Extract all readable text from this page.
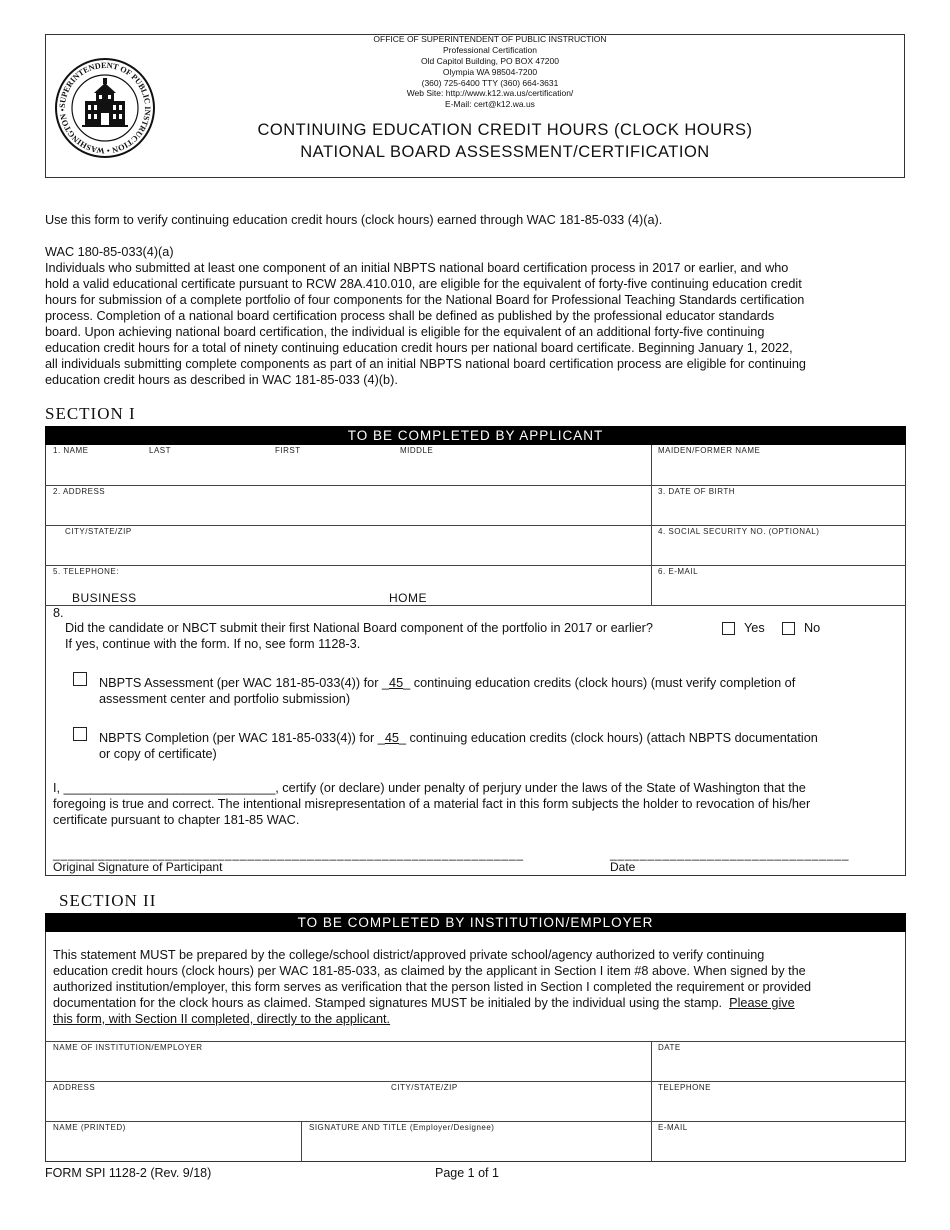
SUPERINTENDENT OF PUBLIC INSTRUCTION • WASHINGTON •
OFFICE OF SUPERINTENDENT OF PUBLIC INSTRUCTION
Professional Certification
Old Capitol Building, PO BOX 47200
Olympia WA 98504-7200
(360) 725-6400 TTY (360) 664-3631
Web Site: http://www.k12.wa.us/certification/
E-Mail: cert@k12.wa.us
CONTINUING EDUCATION CREDIT HOURS (CLOCK HOURS)
NATIONAL BOARD ASSESSMENT/CERTIFICATION
Use this form to verify continuing education credit hours (clock hours) earned through WAC 181-85-033 (4)(a).
WAC 180-85-033(4)(a)
Individuals who submitted at least one component of an initial NBPTS national board certification process in 2017 or earlier, and who
hold a valid educational certificate pursuant to RCW 28A.410.010, are eligible for the equivalent of forty-five continuing education credit
hours for submission of a complete portfolio of four components for the National Board for Professional Teaching Standards certification
process. Completion of a national board certification process shall be defined as published by the professional educator standards
board. Upon achieving national board certification, the individual is eligible for the equivalent of an additional forty-five continuing
education credit hours for a total of ninety continuing education credit hours per national board certificate. Beginning January 1, 2022,
all individuals submitting complete components as part of an initial NBPTS national board certification process are eligible for continuing
education credit hours as described in WAC 181-85-033 (4)(b).
SECTION I
TO BE COMPLETED BY APPLICANT
1. NAME	LAST	FIRST	MIDDLE	MAIDEN/FORMER NAME
2. ADDRESS	3. DATE OF BIRTH
CITY/STATE/ZIP	4. SOCIAL SECURITY NO. (OPTIONAL)
5. TELEPHONE:	6. E-MAIL
BUSINESS	HOME
8.
Did the candidate or NBCT submit their first National Board component of the portfolio in 2017 or earlier?	Yes	No
If yes, continue with the form. If no, see form 1128-3.
NBPTS Assessment (per WAC 181-85-033(4)) for _45_ continuing education credits (clock hours) (must verify completion of
assessment center and portfolio submission)
NBPTS Completion (per WAC 181-85-033(4)) for _45_ continuing education credits (clock hours) (attach NBPTS documentation
or copy of certificate)
I, ______________________________, certify (or declare) under penalty of perjury under the laws of the State of Washington that the
foregoing is true and correct. The intentional misrepresentation of a material fact in this form subjects the holder to revocation of his/her
certificate pursuant to chapter 181-85 WAC.
_______________________________________________________________
Original Signature of Participant
________________________________
Date
SECTION II
TO BE COMPLETED BY INSTITUTION/EMPLOYER
This statement MUST be prepared by the college/school district/approved private school/agency authorized to verify continuing
education credit hours (clock hours) per WAC 181-85-033, as claimed by the applicant in Section I item #8 above. When signed by the
authorized institution/employer, this form serves as verification that the person listed in Section I completed the requirement or provided
documentation for the clock hours as claimed. Stamped signatures MUST be initialed by the individual using the stamp. Please give
this form, with Section II completed, directly to the applicant.
NAME OF INSTITUTION/EMPLOYER	DATE
ADDRESS	CITY/STATE/ZIP	TELEPHONE
NAME (PRINTED)	SIGNATURE AND TITLE (Employer/Designee)	E-MAIL
FORM SPI 1128-2 (Rev. 9/18)	Page 1 of 1
